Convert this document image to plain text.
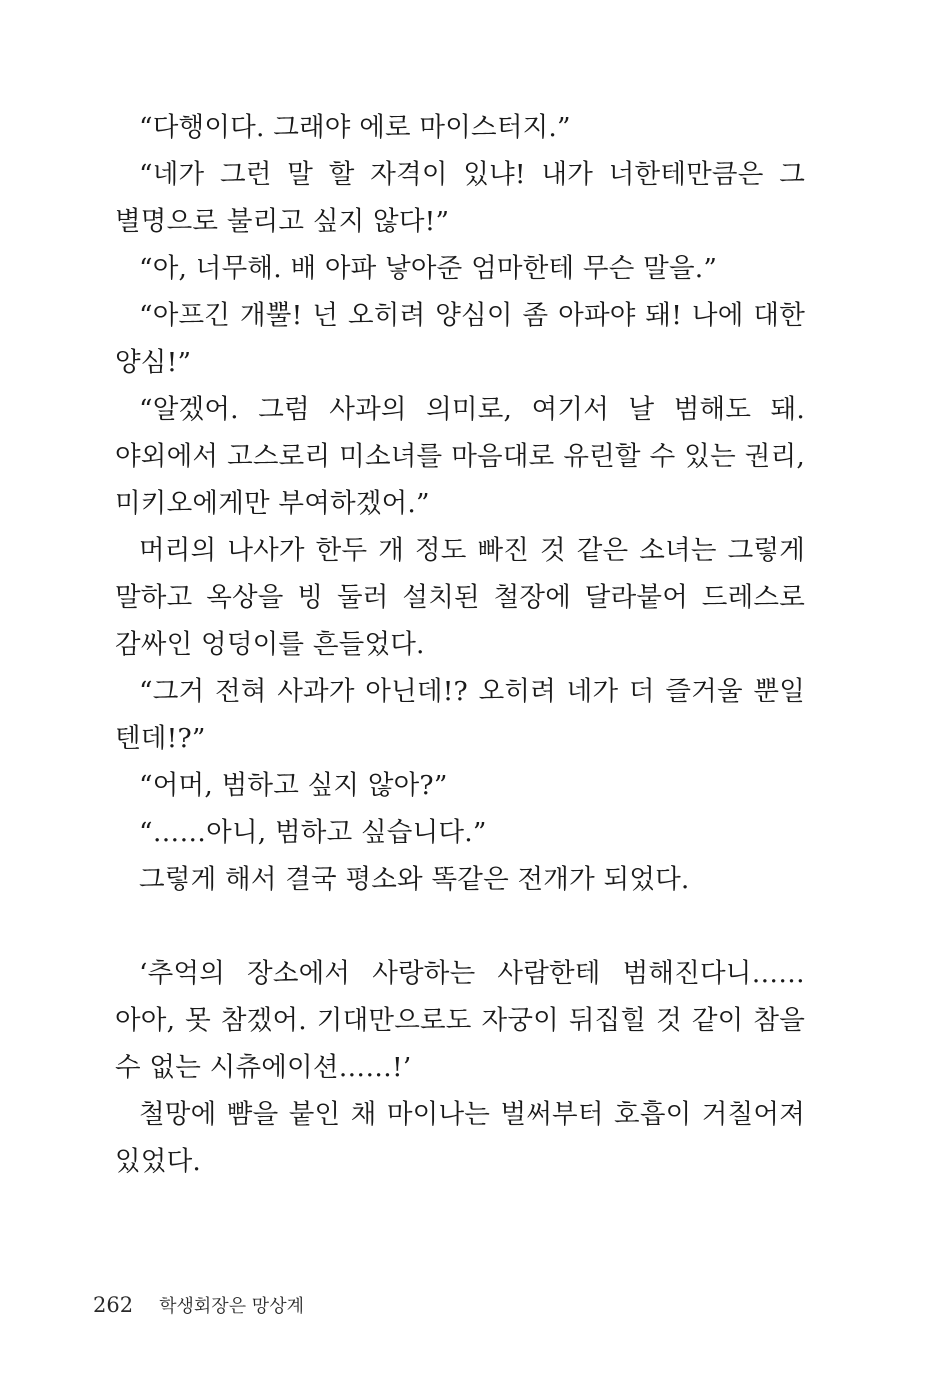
“다행이다. 그래야 에로 마이스터지.”

“네가 그런 말 할 자격이 있냐! 내가 너한테만큼은 그 별명으로 불리고 싶지 않다!”

“아, 너무해. 배 아파 낳아준 엄마한테 무슨 말을.”

“아프긴 개뿔! 넌 오히려 양심이 좀 아파야 돼! 나에 대한 양심!”

“알겠어. 그럼 사과의 의미로, 여기서 날 범해도 돼. 야외에서 고스로리 미소녀를 마음대로 유린할 수 있는 권리, 미키오에게만 부여하겠어.”

머리의 나사가 한두 개 정도 빠진 것 같은 소녀는 그렇게 말하고 옥상을 빙 둘러 설치된 철장에 달라붙어 드레스로 감싸인 엉덩이를 흔들었다.

“그거 전혀 사과가 아닌데!? 오히려 네가 더 즐거울 뿐일 텐데!?”

“어머, 범하고 싶지 않아?”

“……아니, 범하고 싶습니다.”

그렇게 해서 결국 평소와 똑같은 전개가 되었다.

‘추억의 장소에서 사랑하는 사람한테 범해진다니…… 아아, 못 참겠어. 기대만으로도 자궁이 뒤집힐 것 같이 참을 수 없는 시츄에이션……!’

철망에 뺨을 붙인 채 마이나는 벌써부터 호흡이 거칠어져 있었다.

262 학생회장은 망상계
